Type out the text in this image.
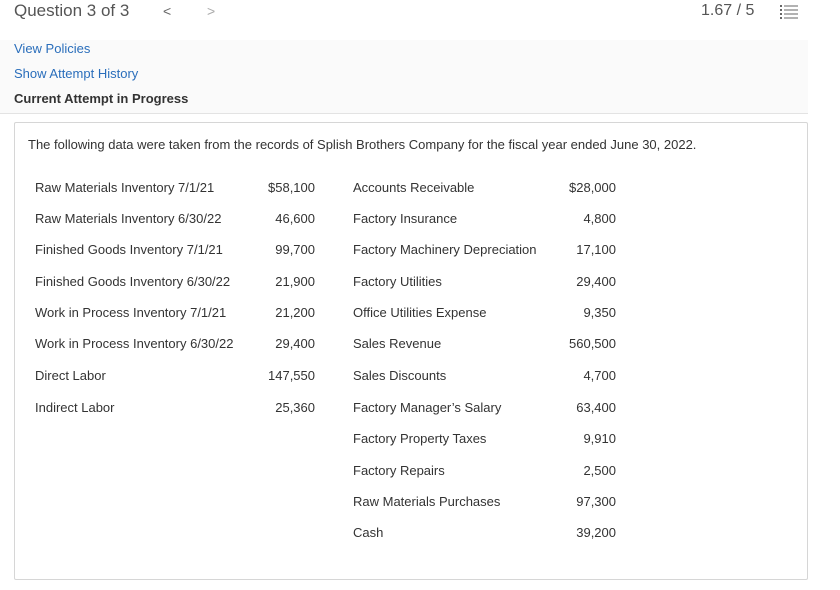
Question 3 of 3 <	>	1.67 / 5
View Policies
Show Attempt History
Current Attempt in Progress
The following data were taken from the records of Splish Brothers Company for the fiscal year ended June 30, 2022.
Raw Materials Inventory 7/1/21	$58,100
Raw Materials Inventory 6/30/22	46,600
Finished Goods Inventory 7/1/21	99,700
Finished Goods Inventory 6/30/22	21,900
Work in Process Inventory 7/1/21	21,200
Work in Process Inventory 6/30/22	29,400
Direct Labor	147,550
Indirect Labor	25,360
Accounts Receivable	$28,000
Factory Insurance	4,800
Factory Machinery Depreciation	17,100
Factory Utilities	29,400
Office Utilities Expense	9,350
Sales Revenue	560,500
Sales Discounts	4,700
Factory Manager’s Salary	63,400
Factory Property Taxes	9,910
Factory Repairs	2,500
Raw Materials Purchases	97,300
Cash	39,200
